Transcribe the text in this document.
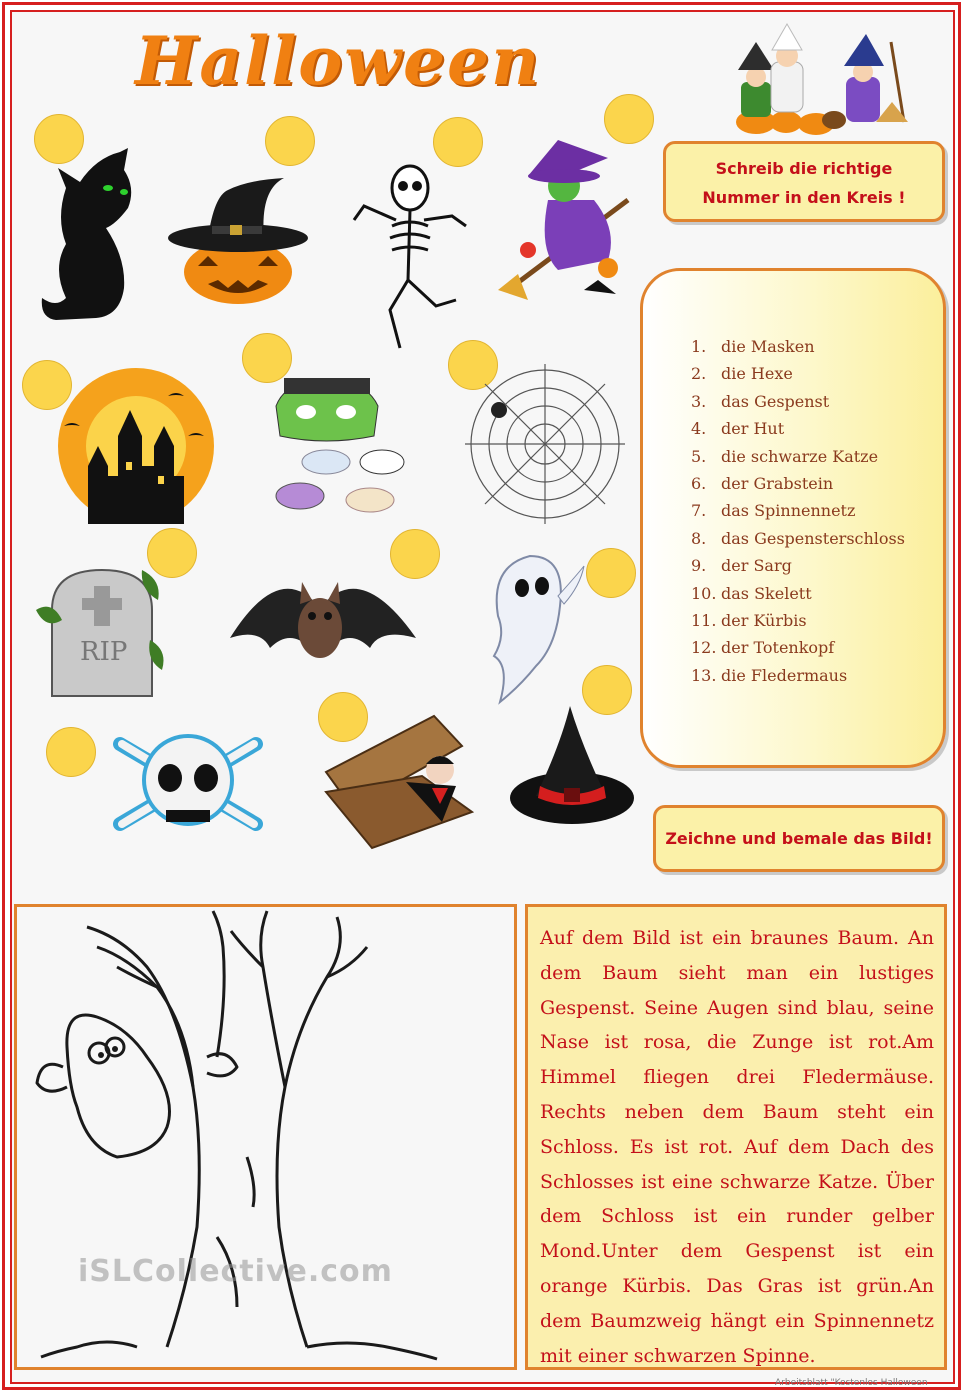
Halloween
Schreib die richtige
Nummer in den Kreis !
RIP
1. die Masken
2. die Hexe
3. das Gespenst
4. der Hut
5. die schwarze Katze
6. der Grabstein
7. das Spinnennetz
8. das Gespensterschloss
9. der Sarg
10. das Skelett
11. der Kürbis
12. der Totenkopf
13. die Fledermaus
Zeichne und bemale das Bild!
iSLCollective.com

Auf dem Bild ist ein braunes Baum. An dem Baum sieht man ein lustiges Gespenst. Seine Augen sind blau, seine Nase ist rosa, die Zunge ist rot.Am Himmel fliegen drei Fledermäuse. Rechts neben dem Baum steht ein Schloss. Es ist rot. Auf dem Dach des Schlosses ist eine schwarze Katze. Über dem Schloss ist ein runder gelber Mond.Unter dem Gespenst ist ein orange Kürbis. Das Gras ist grün.An dem Baumzweig hängt ein Spinnennetz mit einer schwarzen Spinne.

Arbeitsblatt "Kostenlos Halloween
